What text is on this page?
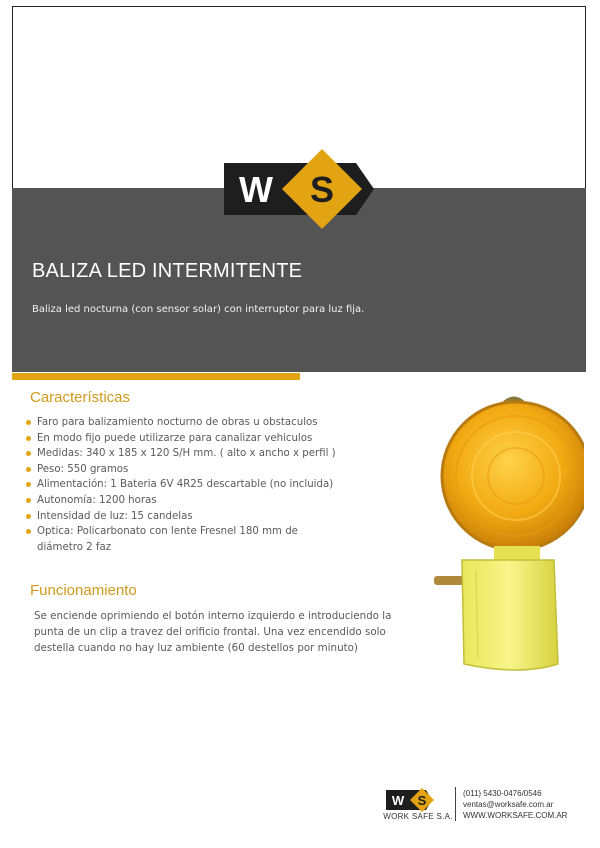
W S
BALIZA LED INTERMITENTE
Baliza led nocturna (con sensor solar) con interruptor para luz fija.
Características
Faro para balizamiento nocturno de obras u obstaculos
En modo fijo puede utilizarze para canalizar vehiculos
Medidas: 340 x 185 x 120 S/H mm. ( alto x ancho x perfil )
Peso: 550 gramos
Alimentación: 1 Bateria 6V 4R25 descartable (no incluida)
Autonomía: 1200 horas
Intensidad de luz: 15 candelas
Optica: Policarbonato con lente Fresnel 180 mm de diámetro 2 faz
Funcionamiento

Se enciende oprimiendo el botón interno izquierdo e introduciendo la punta de un clip a travez del orificio frontal. Una vez encendido solo destella cuando no hay luz ambiente (60 destellos por minuto)

W S
WORK SAFE S.A.
(011) 5430-0476/0546
ventas@worksafe.com.ar
WWW.WORKSAFE.COM.AR
